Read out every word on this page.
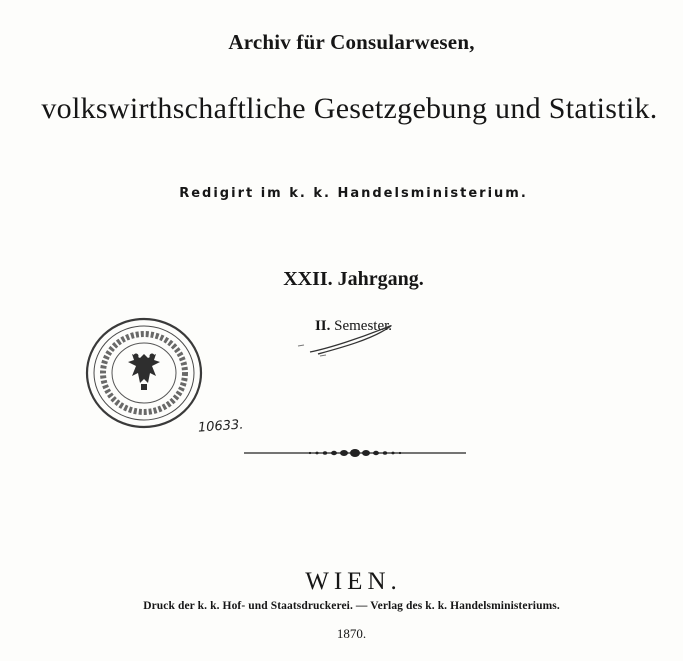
Archiv für Consularwesen,
volkswirthschaftliche Gesetzgebung und Statistik.
Redigirt im k. k. Handelsministerium.
XXII. Jahrgang.
II. Semester.
10633.
WIEN.
Druck der k. k. Hof- und Staatsdruckerei. — Verlag des k. k. Handelsministeriums.
1870.
